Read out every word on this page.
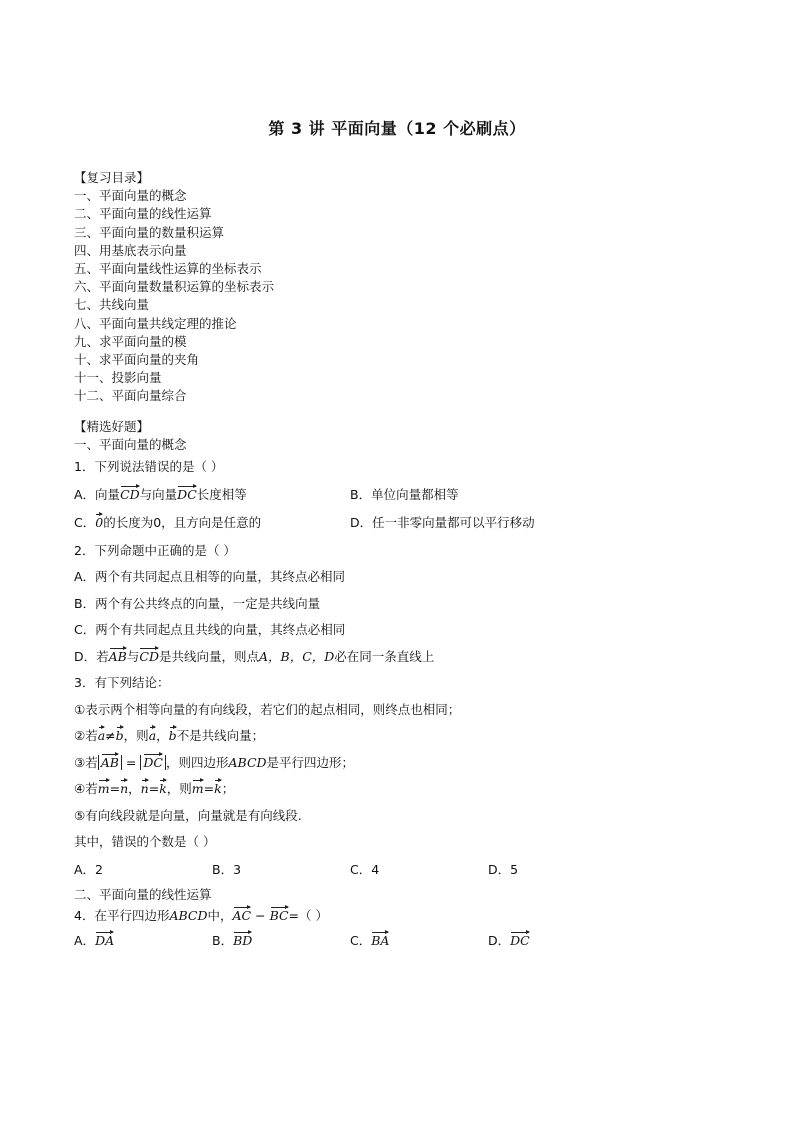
第 3 讲 平面向量（12 个必刷点）
【复习目录】
一、平面向量的概念
二、平面向量的线性运算
三、平面向量的数量积运算
四、用基底表示向量
五、平面向量线性运算的坐标表示
六、平面向量数量积运算的坐标表示
七、共线向量
八、平面向量共线定理的推论
九、求平面向量的模
十、求平面向量的夹角
十一、投影向量
十二、平面向量综合
【精选好题】
一、平面向量的概念
1．下列说法错误的是（ ）
A．向量CD与向量DC长度相等	B．单位向量都相等
C．0的长度为0，且方向是任意的	D．任一非零向量都可以平行移动
2．下列命题中正确的是（ ）
A．两个有共同起点且相等的向量，其终点必相同
B．两个有公共终点的向量，一定是共线向量
C．两个有共同起点且共线的向量，其终点必相同
D．若AB与CD是共线向量，则点A，B，C，D必在同一条直线上
3．有下列结论：
①表示两个相等向量的有向线段，若它们的起点相同，则终点也相同；
②若a≠b，则a，b不是共线向量；
③若 AB = DC ，则四边形ABCD是平行四边形；
④若m=n，n=k，则m=k；
⑤有向线段就是向量，向量就是有向线段.
其中，错误的个数是（ ）
A．2	B．3	C．4	D．5
二、平面向量的线性运算
4．在平行四边形ABCD中，AC − BC=（ ）
A．DA	B．BD	C．BA	D．DC
